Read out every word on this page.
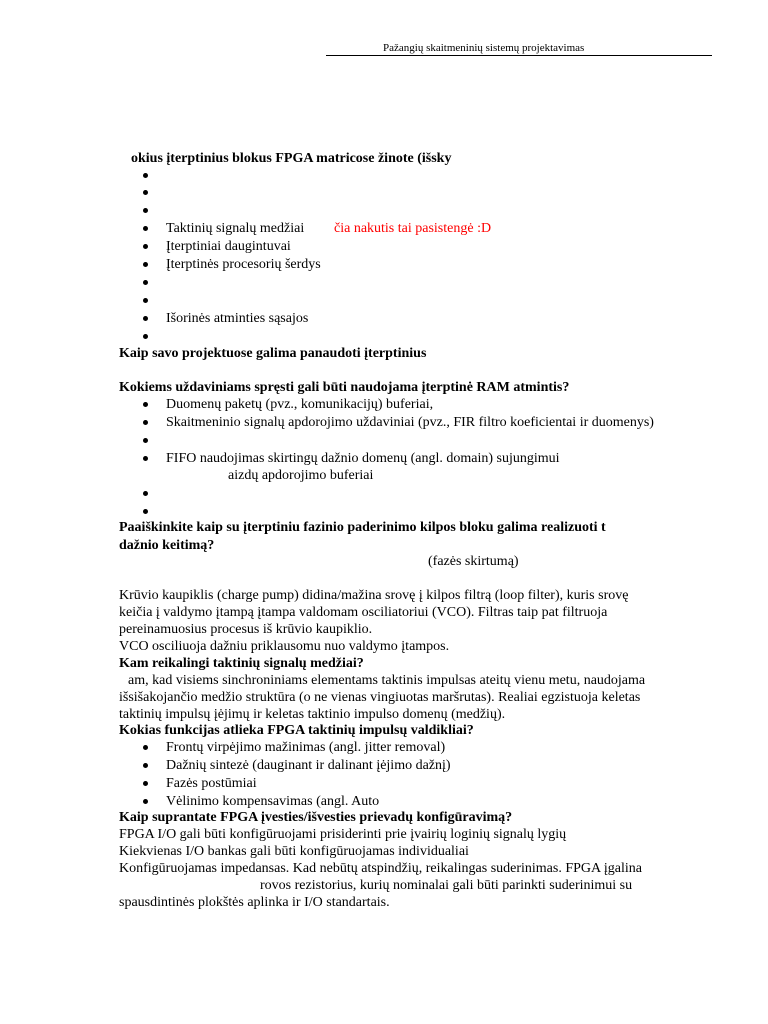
Pažangių skaitmeninių sistemų projektavimas
okius įterptinius blokus FPGA matricose žinote (išsky
Taktinių signalų medžiai čia nakutis tai pasistengė :D
Įterptiniai daugintuvai
Įterptinės procesorių šerdys
Išorinės atminties sąsajos
Kaip savo projektuose galima panaudoti įterptinius
Kokiems uždaviniams spręsti gali būti naudojama įterptinė RAM atmintis?
Duomenų paketų (pvz., komunikacijų) buferiai,
Skaitmeninio signalų apdorojimo uždaviniai (pvz., FIR filtro koeficientai ir duomenys)
FIFO naudojimas skirtingų dažnio domenų (angl. domain) sujungimui
aizdų apdorojimo buferiai
Paaiškinkite kaip su įterptiniu fazinio paderinimo kilpos bloku galima realizuoti t
dažnio keitimą?
(fazės skirtumą)
Krūvio kaupiklis (charge pump) didina/mažina srovę į kilpos filtrą (loop filter), kuris srovę
keičia į valdymo įtampą įtampa valdomam osciliatoriui (VCO). Filtras taip pat filtruoja
pereinamuosius procesus iš krūvio kaupiklio.
VCO osciliuoja dažniu priklausomu nuo valdymo įtampos.
Kam reikalingi taktinių signalų medžiai?
am, kad visiems sinchroniniams elementams taktinis impulsas ateitų vienu metu, naudojama
išsišakojančio medžio struktūra (o ne vienas vingiuotas maršrutas). Realiai egzistuoja keletas
taktinių impulsų įėjimų ir keletas taktinio impulso domenų (medžių).
Kokias funkcijas atlieka FPGA taktinių impulsų valdikliai?
Frontų virpėjimo mažinimas (angl. jitter removal)
Dažnių sintezė (dauginant ir dalinant įėjimo dažnį)
Fazės postūmiai
Vėlinimo kompensavimas (angl. Auto
Kaip suprantate FPGA įvesties/išvesties prievadų konfigūravimą?
FPGA I/O gali būti konfigūruojami prisiderinti prie įvairių loginių signalų lygių
Kiekvienas I/O bankas gali būti konfigūruojamas individualiai
Konfigūruojamas impedansas. Kad nebūtų atspindžių, reikalingas suderinimas. FPGA įgalina
rovos rezistorius, kurių nominalai gali būti parinkti suderinimui su
spausdintinės plokštės aplinka ir I/O standartais.
